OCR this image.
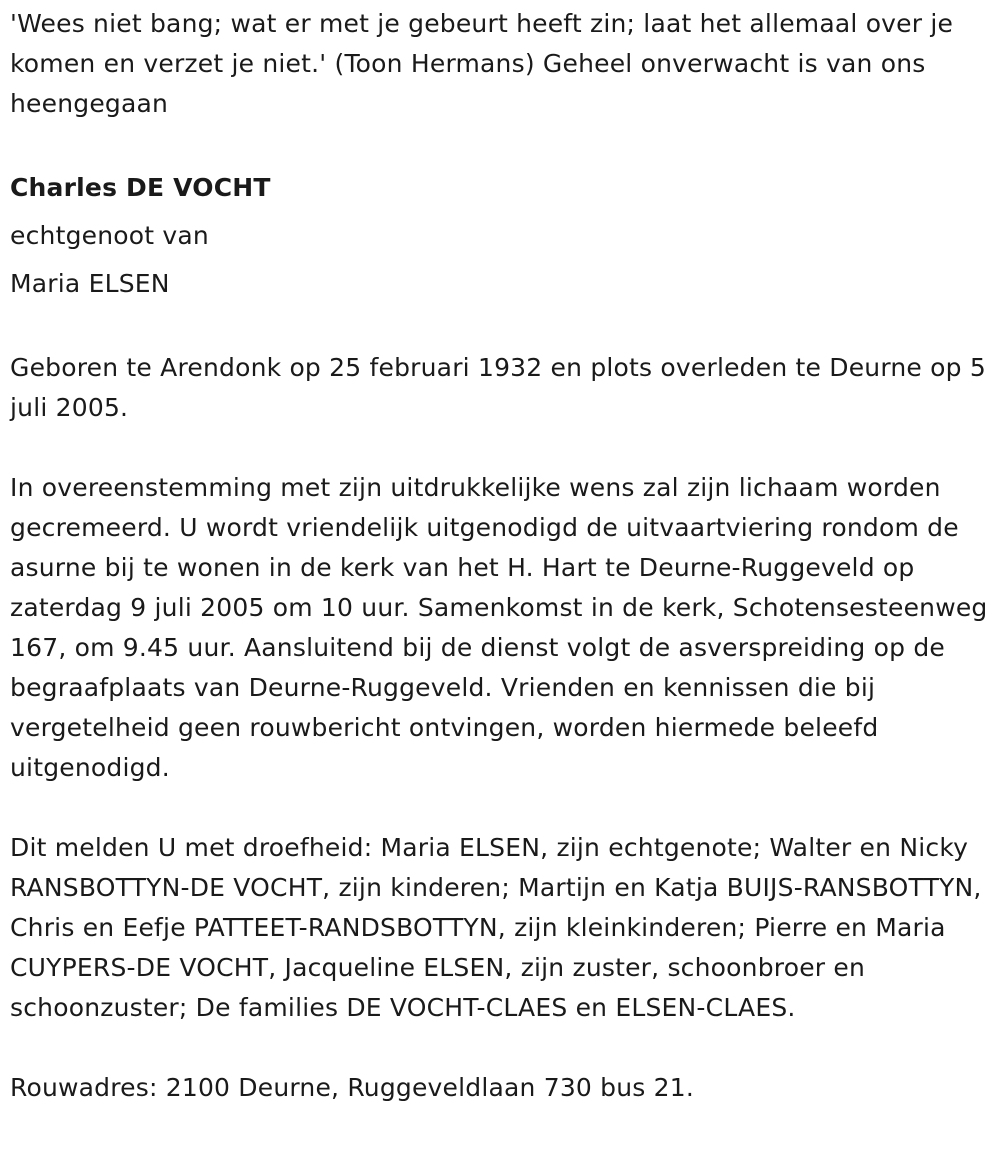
'Wees niet bang; wat er met je gebeurt heeft zin; laat het allemaal over je komen en verzet je niet.' (Toon Hermans) Geheel onverwacht is van ons heengegaan

Charles DE VOCHT

echtgenoot van

Maria ELSEN

Geboren te Arendonk op 25 februari 1932 en plots overleden te Deurne op 5 juli 2005.

In overeenstemming met zijn uitdrukkelijke wens zal zijn lichaam worden gecremeerd. U wordt vriendelijk uitgenodigd de uitvaartviering rondom de asurne bij te wonen in de kerk van het H. Hart te Deurne-Ruggeveld op zaterdag 9 juli 2005 om 10 uur. Samenkomst in de kerk, Schotensesteenweg 167, om 9.45 uur. Aansluitend bij de dienst volgt de asverspreiding op de begraafplaats van Deurne-Ruggeveld. Vrienden en kennissen die bij vergetelheid geen rouwbericht ontvingen, worden hiermede beleefd uitgenodigd.

Dit melden U met droefheid: Maria ELSEN, zijn echtgenote; Walter en Nicky RANSBOTTYN-DE VOCHT, zijn kinderen; Martijn en Katja BUIJS-RANSBOTTYN, Chris en Eefje PATTEET-RANDSBOTTYN, zijn kleinkinderen; Pierre en Maria CUYPERS-DE VOCHT, Jacqueline ELSEN, zijn zuster, schoonbroer en schoonzuster; De families DE VOCHT-CLAES en ELSEN-CLAES.

Rouwadres: 2100 Deurne, Ruggeveldlaan 730 bus 21.
